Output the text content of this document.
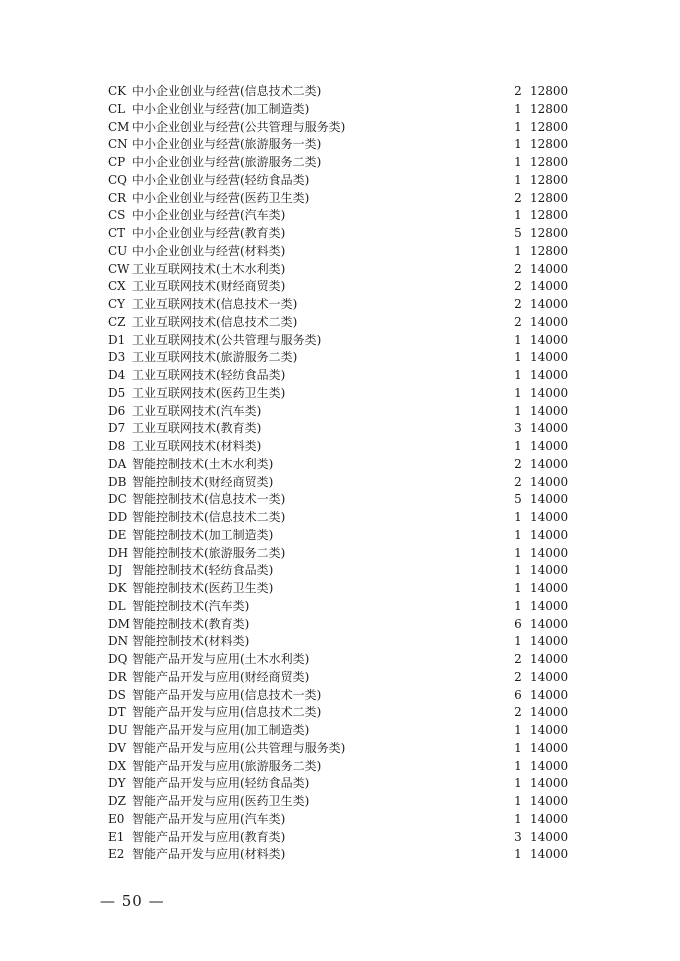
CK 中小企业创业与经营(信息技术二类)	2 12800
CL 中小企业创业与经营(加工制造类)	1 12800
CM 中小企业创业与经营(公共管理与服务类)	1 12800
CN 中小企业创业与经营(旅游服务一类)	1 12800
CP 中小企业创业与经营(旅游服务二类)	1 12800
CQ 中小企业创业与经营(轻纺食品类)	1 12800
CR 中小企业创业与经营(医药卫生类)	2 12800
CS 中小企业创业与经营(汽车类)	1 12800
CT 中小企业创业与经营(教育类)	5 12800
CU 中小企业创业与经营(材料类)	1 12800
CW 工业互联网技术(土木水利类)	2 14000
CX 工业互联网技术(财经商贸类)	2 14000
CY 工业互联网技术(信息技术一类)	2 14000
CZ 工业互联网技术(信息技术二类)	2 14000
D1 工业互联网技术(公共管理与服务类)	1 14000
D3 工业互联网技术(旅游服务二类)	1 14000
D4 工业互联网技术(轻纺食品类)	1 14000
D5 工业互联网技术(医药卫生类)	1 14000
D6 工业互联网技术(汽车类)	1 14000
D7 工业互联网技术(教育类)	3 14000
D8 工业互联网技术(材料类)	1 14000
DA 智能控制技术(土木水利类)	2 14000
DB 智能控制技术(财经商贸类)	2 14000
DC 智能控制技术(信息技术一类)	5 14000
DD 智能控制技术(信息技术二类)	1 14000
DE 智能控制技术(加工制造类)	1 14000
DH 智能控制技术(旅游服务二类)	1 14000
DJ 智能控制技术(轻纺食品类)	1 14000
DK 智能控制技术(医药卫生类)	1 14000
DL 智能控制技术(汽车类)	1 14000
DM 智能控制技术(教育类)	6 14000
DN 智能控制技术(材料类)	1 14000
DQ 智能产品开发与应用(土木水利类)	2 14000
DR 智能产品开发与应用(财经商贸类)	2 14000
DS 智能产品开发与应用(信息技术一类)	6 14000
DT 智能产品开发与应用(信息技术二类)	2 14000
DU 智能产品开发与应用(加工制造类)	1 14000
DV 智能产品开发与应用(公共管理与服务类)	1 14000
DX 智能产品开发与应用(旅游服务二类)	1 14000
DY 智能产品开发与应用(轻纺食品类)	1 14000
DZ 智能产品开发与应用(医药卫生类)	1 14000
E0 智能产品开发与应用(汽车类)	1 14000
E1 智能产品开发与应用(教育类)	3 14000
E2 智能产品开发与应用(材料类)	1 14000
— 50 —
